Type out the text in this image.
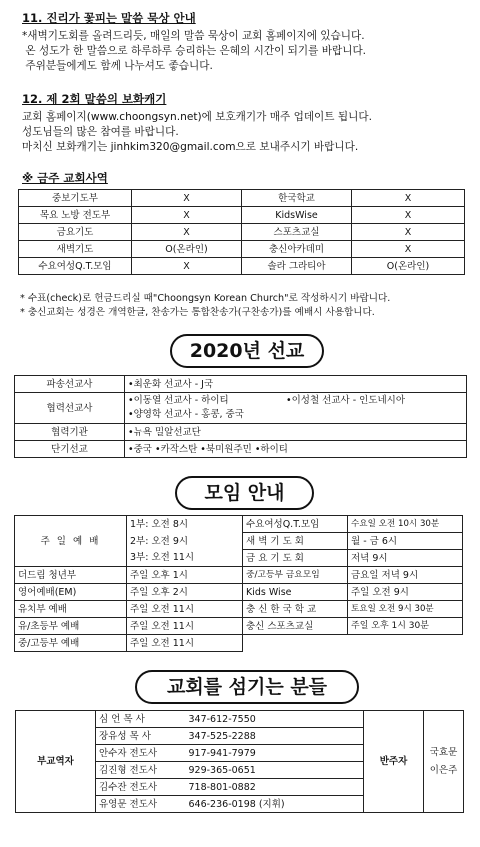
11. 진리가 꽃피는 말씀 묵상 안내
*새벽기도회를 올려드리듯, 매일의 말씀 묵상이 교회 홈페이지에 있습니다.
온 성도가 한 말씀으로 하루하루 승리하는 은혜의 시간이 되기를 바랍니다.
주위분들에게도 함께 나누셔도 좋습니다.
12. 제 2회 말씀의 보화캐기
교회 홈페이지(www.choongsyn.net)에 보호캐기가 매주 업데이트 됩니다.
성도님들의 많은 참여를 바랍니다.
마치신 보화캐기는 jinhkim320@gmail.com으로 보내주시기 바랍니다.
※ 금주 교회사역
중보기도부	X	한국학교	X
목요 노방 전도부	X	KidsWise	X
금요기도	X	스포츠교실	X
새벽기도	O(온라인)	충신아카데미	X
수요여성Q.T.모임	X	솔라 그라티아	O(온라인)
* 수표(check)로 헌금드리실 때"Choongsyn Korean Church"로 작성하시기 바랍니다.
* 충신교회는 성경은 개역한글, 찬송가는 통합찬송가(구찬송가)를 예배시 사용합니다.
2020년 선교
파송선교사	•최운화 선교사 - J국
협력선교사	•이동열 선교사 - 하이티 •이성철 선교사 - 인도네시아
•양영학 선교사 - 홍콩, 중국
협력기관	•뉴욕 밀알선교단
단기선교	•중국 •카작스탄 •북미원주민 •하이티
모임 안내
주 일 예 배	1부: 오전 8시	수요여성Q.T.모임	수요일 오전 10시 30분
	2부: 오전 9시	새 벽 기 도 회	월 - 금 6시
	3부: 오전 11시	금 요 기 도 회	저녁 9시
더드림 청년부	주일 오후 1시	중/고등부 금요모임	금요일 저녁 9시
영어예배(EM)	주일 오후 2시	Kids Wise	주일 오전 9시
유치부 예배	주일 오전 11시	충 신 한 국 학 교	토요일 오전 9시 30분
유/초등부 예배	주일 오전 11시	충신 스포츠교실	주일 오후 1시 30분
중/고등부 예배	주일 오전 11시		
교회를 섬기는 분들
부교역자	심 언 목 사	347-612-7550	반주자	국효문
이은주

	장유성 목 사	347-525-2288		
	안수자 전도사	917-941-7979		
	김진형 전도사	929-365-0651		
	김수잔 전도사	718-801-0882		
	유영문 전도사	646-236-0198 (지휘)		
